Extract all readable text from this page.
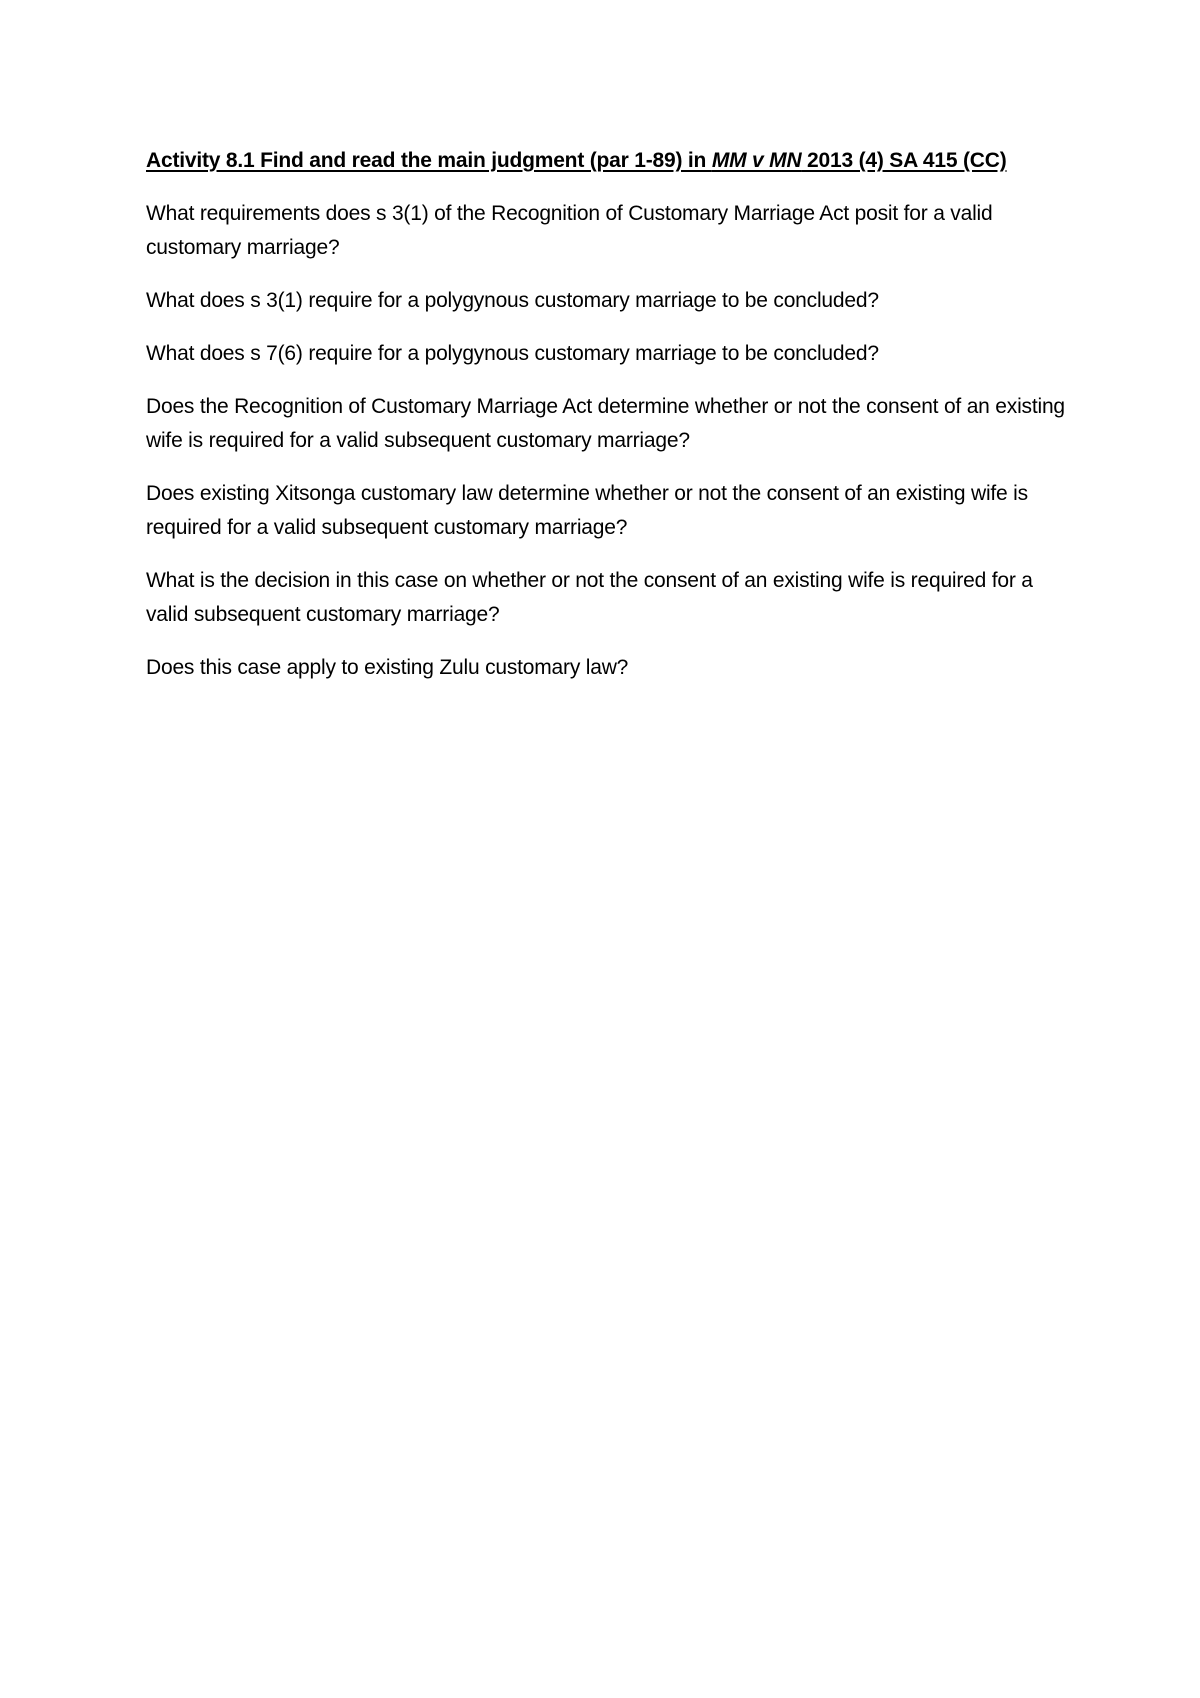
Activity 8.1 Find and read the main judgment (par 1-89) in MM v MN 2013 (4) SA 415 (CC)

What requirements does s 3(1) of the Recognition of Customary Marriage Act posit for a valid customary marriage?

What does s 3(1) require for a polygynous customary marriage to be concluded?

What does s 7(6) require for a polygynous customary marriage to be concluded?

Does the Recognition of Customary Marriage Act determine whether or not the consent of an existing wife is required for a valid subsequent customary marriage?

Does existing Xitsonga customary law determine whether or not the consent of an existing wife is required for a valid subsequent customary marriage?

What is the decision in this case on whether or not the consent of an existing wife is required for a valid subsequent customary marriage?

Does this case apply to existing Zulu customary law?
